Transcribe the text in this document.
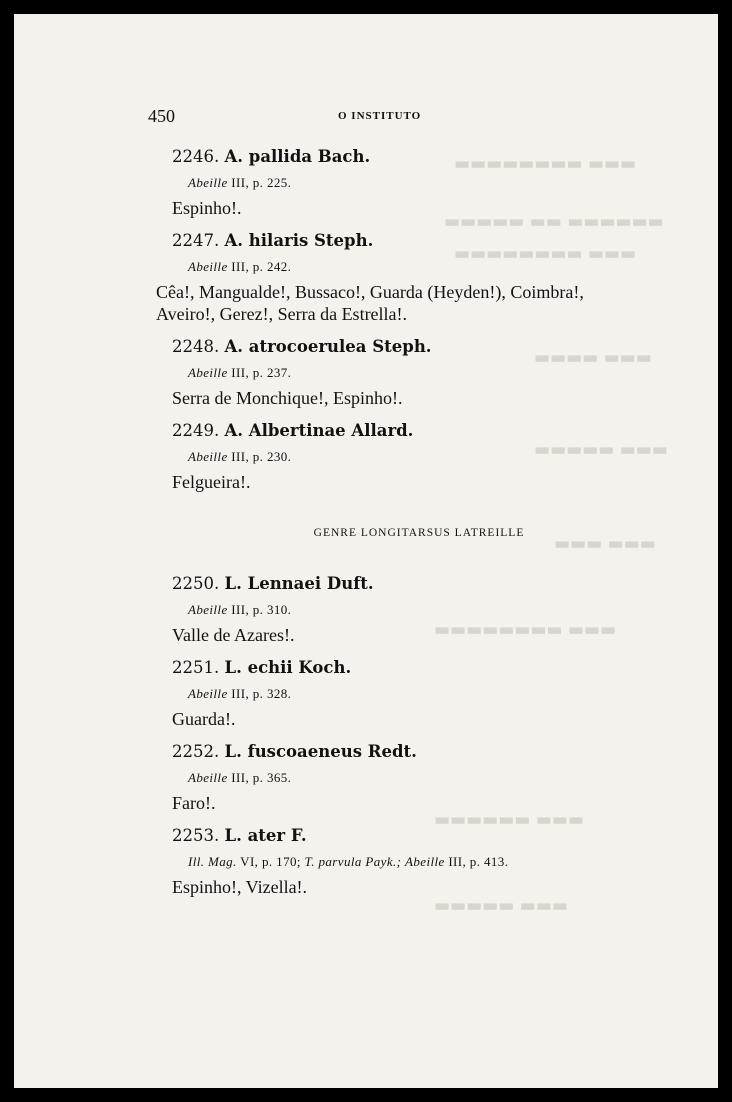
▬▬▬ ▬▬▬▬▬▬▬▬
▬▬▬▬▬▬ ▬▬ ▬▬▬▬▬
▬▬▬ ▬▬▬▬▬▬▬▬
▬▬▬ ▬▬▬▬
▬▬▬ ▬▬▬▬▬
▬▬▬ ▬▬▬
▬▬▬ ▬▬▬▬▬▬▬▬
▬▬▬ ▬▬▬▬▬▬
▬▬▬ ▬▬▬▬▬
450	O INSTITUTO
2246. A. pallida Bach.
Abeille III, p. 225.
Espinho!.
2247. A. hilaris Steph.
Abeille III, p. 242.
Cêa!, Mangualde!, Bussaco!, Guarda (Heyden!), Coimbra!, Aveiro!, Gerez!, Serra da Estrella!.
2248. A. atrocoerulea Steph.
Abeille III, p. 237.
Serra de Monchique!, Espinho!.
2249. A. Albertinae Allard.
Abeille III, p. 230.
Felgueira!.
GENRE LONGITARSUS LATREILLE
2250. L. Lennaei Duft.
Abeille III, p. 310.
Valle de Azares!.
2251. L. echii Koch.
Abeille III, p. 328.
Guarda!.
2252. L. fuscoaeneus Redt.
Abeille III, p. 365.
Faro!.
2253. L. ater F.
Ill. Mag. VI, p. 170; T. parvula Payk.; Abeille III, p. 413.
Espinho!, Vizella!.
